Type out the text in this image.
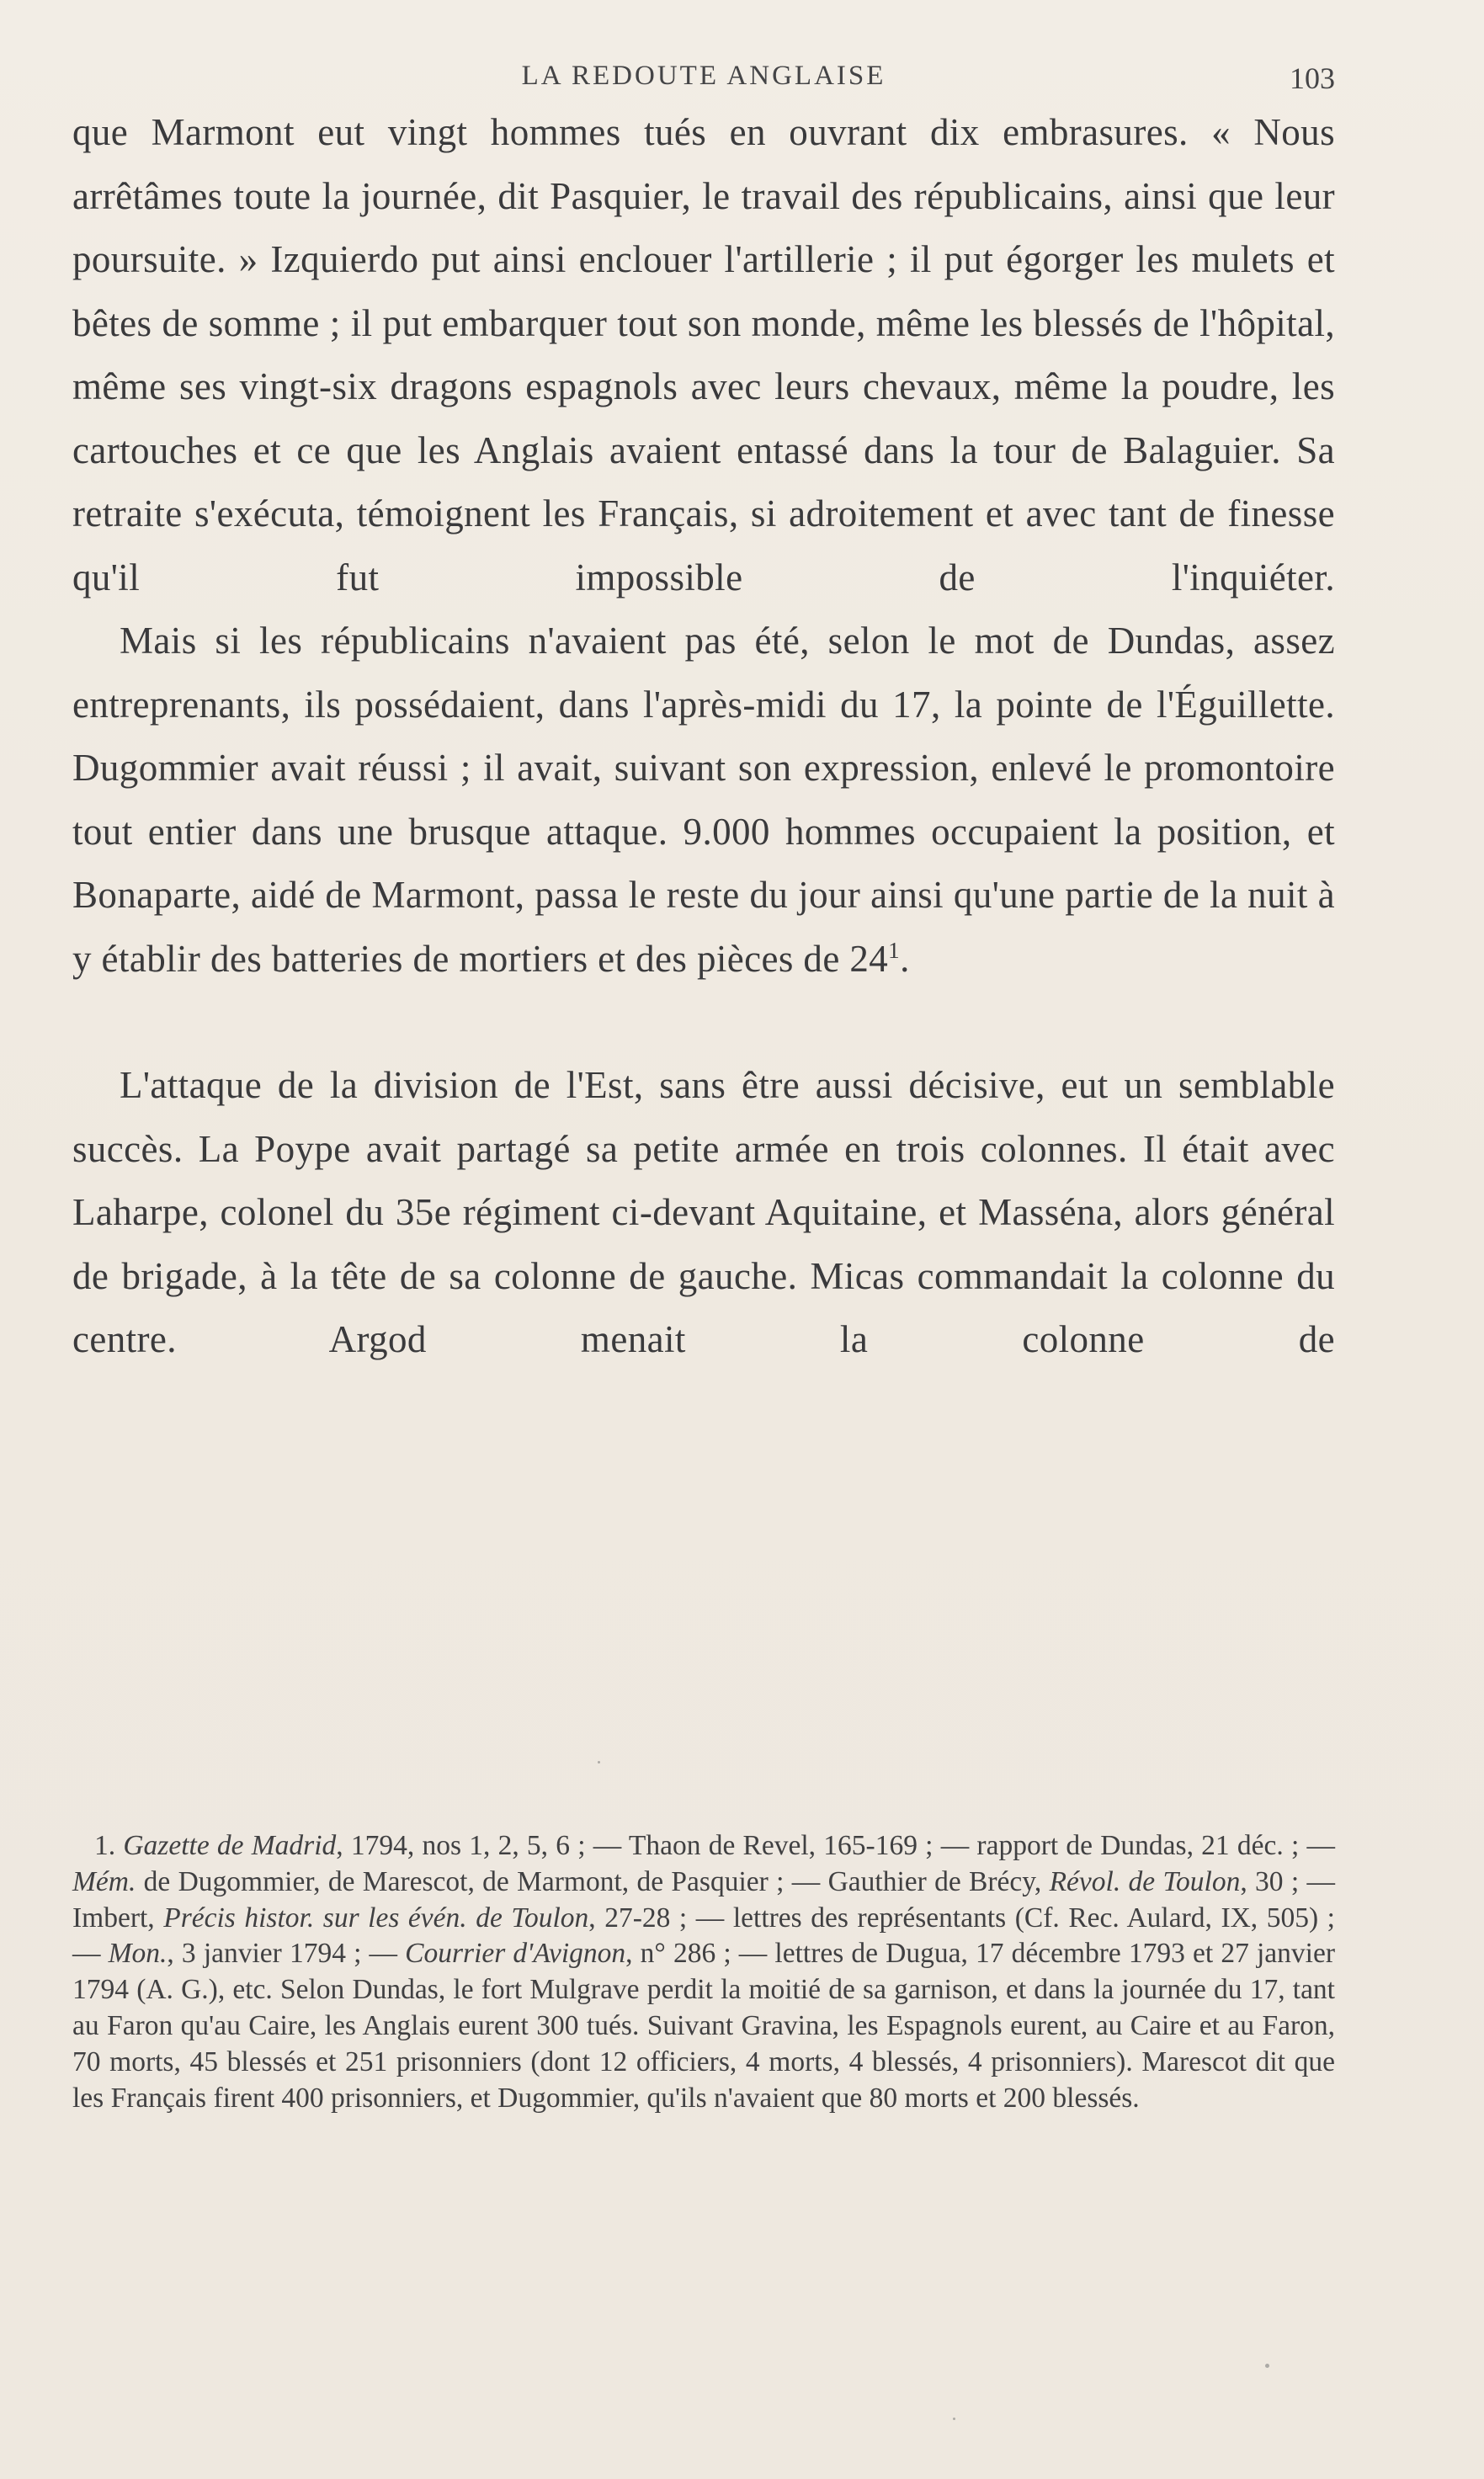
LA REDOUTE ANGLAISE	103

que Marmont eut vingt hommes tués en ouvrant dix embrasures. « Nous arrêtâmes toute la journée, dit Pasquier, le travail des républicains, ainsi que leur poursuite. » Izquierdo put ainsi enclouer l'artillerie ; il put égorger les mulets et bêtes de somme ; il put embarquer tout son monde, même les blessés de l'hôpital, même ses vingt-six dragons espagnols avec leurs chevaux, même la poudre, les cartouches et ce que les Anglais avaient entassé dans la tour de Balaguier. Sa retraite s'exécuta, témoignent les Français, si adroitement et avec tant de finesse qu'il fut impossible de l'inquiéter.

Mais si les républicains n'avaient pas été, selon le mot de Dundas, assez entreprenants, ils possédaient, dans l'après-midi du 17, la pointe de l'Éguillette. Dugommier avait réussi ; il avait, suivant son expression, enlevé le promontoire tout entier dans une brusque attaque. 9.000 hommes occupaient la position, et Bonaparte, aidé de Marmont, passa le reste du jour ainsi qu'une partie de la nuit à y établir des batteries de mortiers et des pièces de $24^1$.

L'attaque de la division de l'Est, sans être aussi décisive, eut un semblable succès. La Poype avait partagé sa petite armée en trois colonnes. Il était avec Laharpe, colonel du 35e régiment ci-devant Aquitaine, et Masséna, alors général de brigade, à la tête de sa colonne de gauche. Micas commandait la colonne du centre. Argod menait la colonne de

1. Gazette de Madrid, 1794, nos 1, 2, 5, 6 ; — Thaon de Revel, 165-169 ; — rapport de Dundas, 21 déc. ; — Mém. de Dugommier, de Marescot, de Marmont, de Pasquier ; — Gauthier de Brécy, Révol. de Toulon, 30 ; — Imbert, Précis histor. sur les évén. de Toulon, 27-28 ; — lettres des représentants (Cf. Rec. Aulard, IX, 505) ; — Mon., 3 janvier 1794 ; — Courrier d'Avignon, n° 286 ; — lettres de Dugua, 17 décembre 1793 et 27 janvier 1794 (A. G.), etc. Selon Dundas, le fort Mulgrave perdit la moitié de sa garnison, et dans la journée du 17, tant au Faron qu'au Caire, les Anglais eurent 300 tués. Suivant Gravina, les Espagnols eurent, au Caire et au Faron, 70 morts, 45 blessés et 251 prisonniers (dont 12 officiers, 4 morts, 4 blessés, 4 prisonniers). Marescot dit que les Français firent 400 prisonniers, et Dugommier, qu'ils n'avaient que 80 morts et 200 blessés.
